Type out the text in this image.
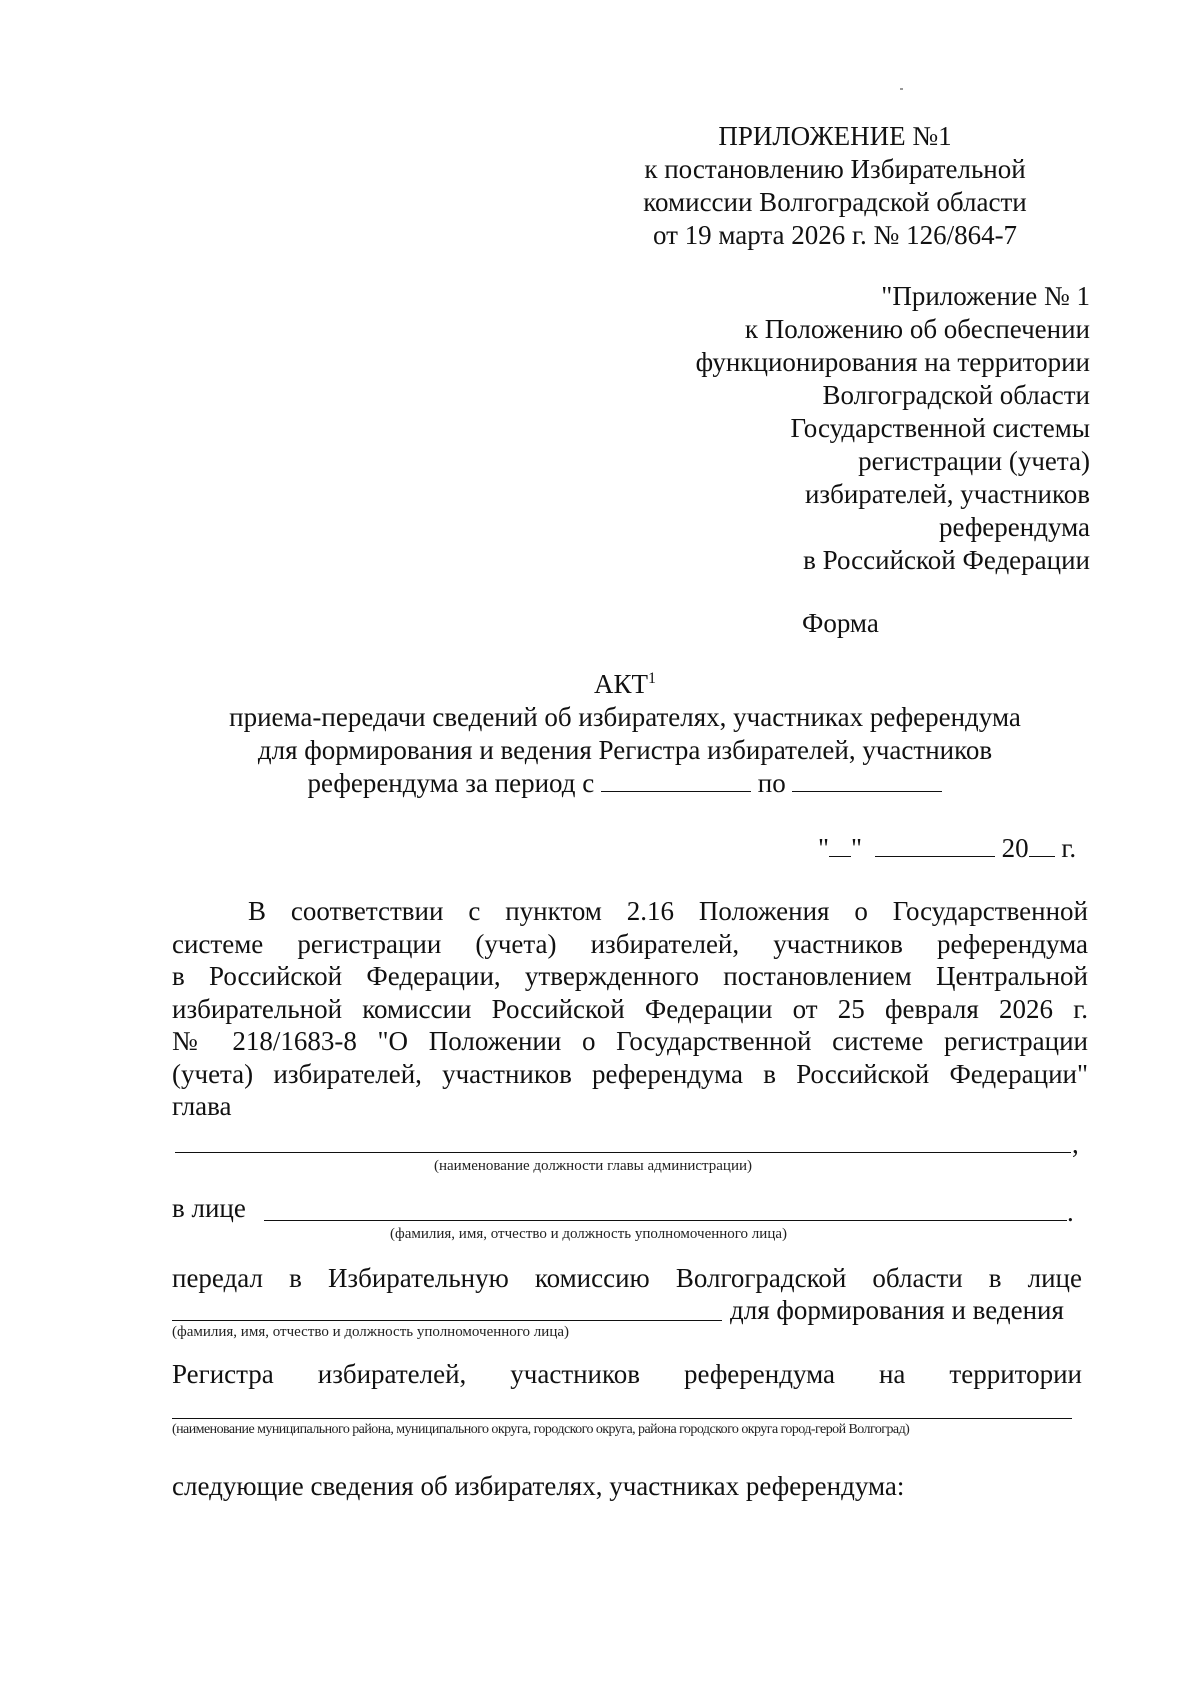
ПРИЛОЖЕНИЕ №1
к постановлению Избирательной
комиссии Волгоградской области
от 19 марта 2026 г. № 126/864-7
"Приложение № 1
к Положению об обеспечении
функционирования на территории
Волгоградской области
Государственной системы
регистрации (учета)
избирателей, участников
референдума
в Российской Федерации
Форма
АКТ$^1$
приема-передачи сведений об избирателях, участниках референдума
для формирования и ведения Регистра избирателей, участников
референдума за период с	по
" "	20 г.
В соответствии с пунктом 2.16 Положения о Государственной
системе регистрации (учета) избирателей, участников референдума
в Российской Федерации, утвержденного постановлением Центральной
избирательной комиссии Российской Федерации от 25 февраля 2026 г.
№ 218/1683-8 "О Положении о Государственной системе регистрации
(учета) избирателей, участников референдума в Российской Федерации"
глава
,
(наименование должности главы администрации)
в лице	.
(фамилия, имя, отчество и должность уполномоченного лица)
передал в Избирательную комиссию Волгоградской области в лице
для формирования и ведения
(фамилия, имя, отчество и должность уполномоченного лица)
Регистра избирателей, участников референдума на территории
(наименование муниципального района, муниципального округа, городского округа, района городского округа город-герой Волгоград)
следующие сведения об избирателях, участниках референдума:
